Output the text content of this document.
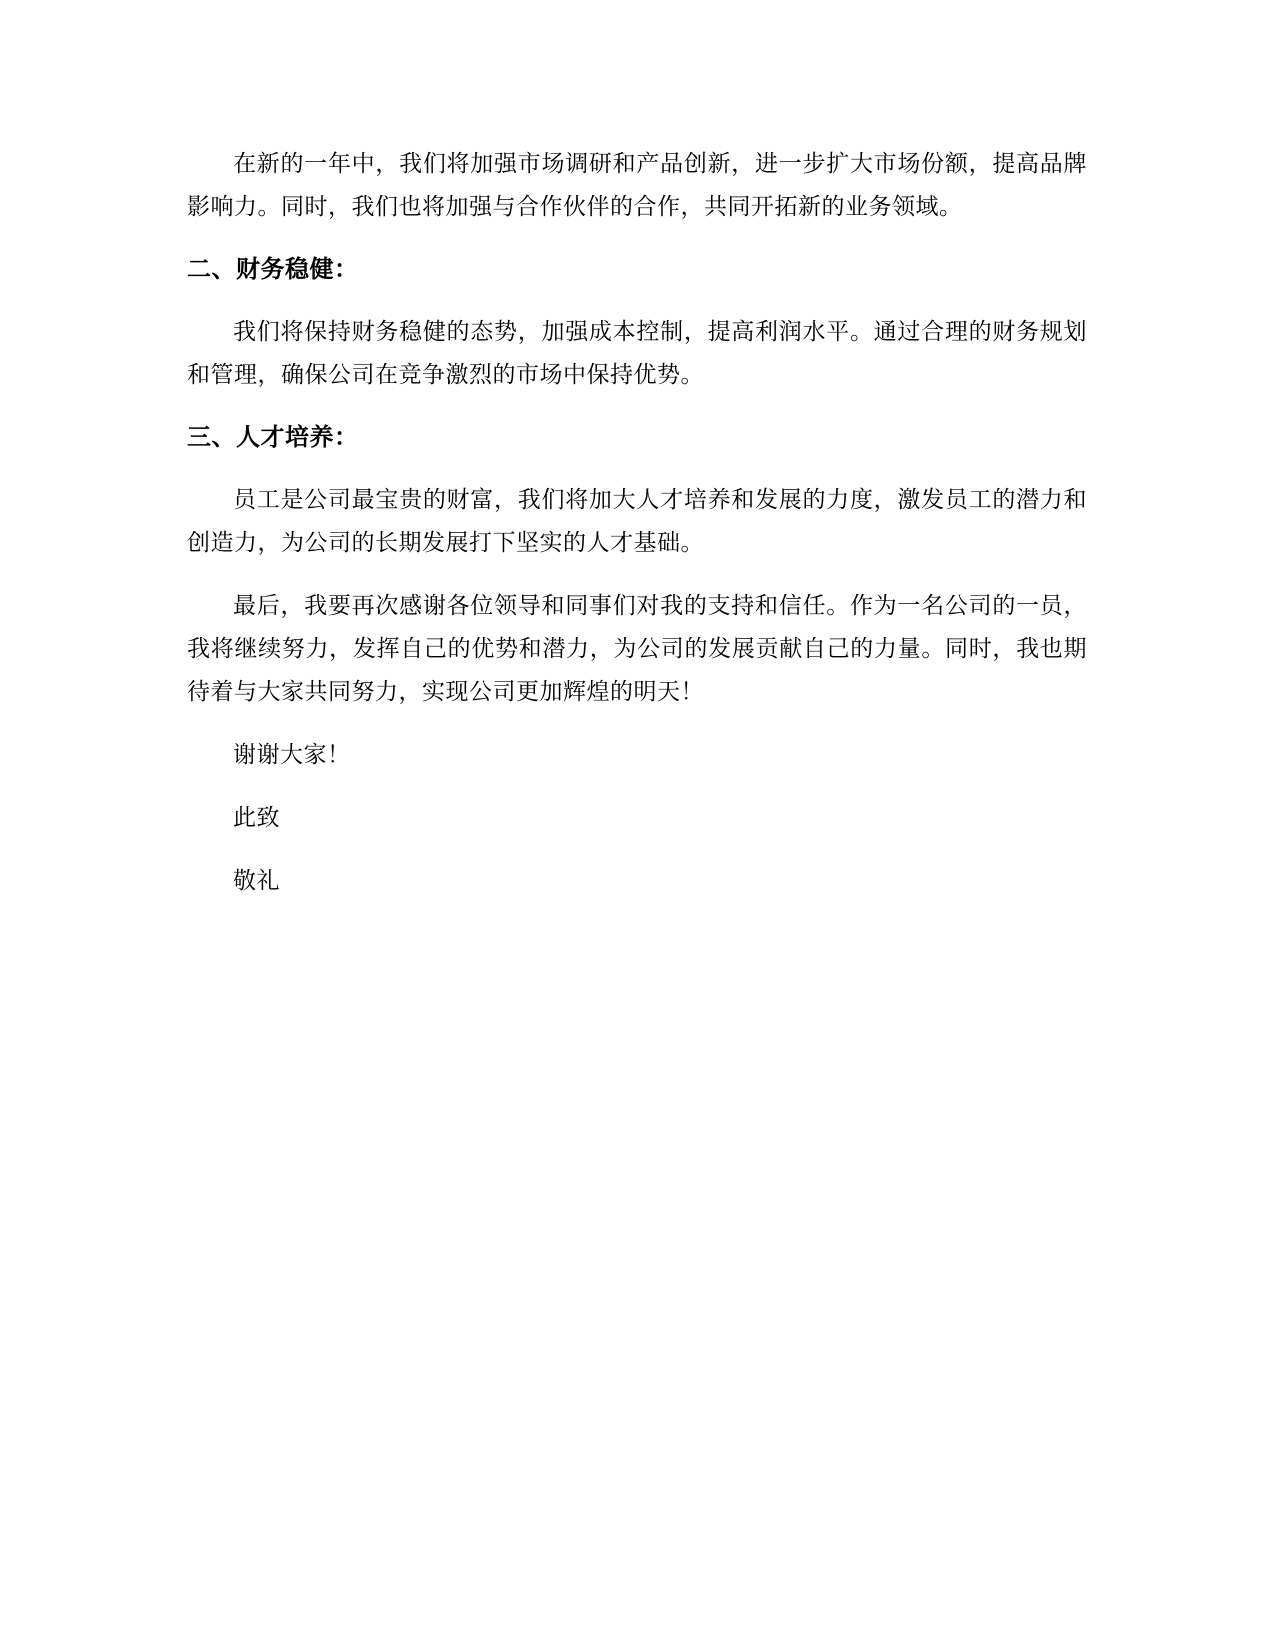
在新的一年中，我们将加强市场调研和产品创新，进一步扩大市场份额，提高品牌影响力。同时，我们也将加强与合作伙伴的合作，共同开拓新的业务领域。

二、财务稳健：

我们将保持财务稳健的态势，加强成本控制，提高利润水平。通过合理的财务规划和管理，确保公司在竞争激烈的市场中保持优势。

三、人才培养：

员工是公司最宝贵的财富，我们将加大人才培养和发展的力度，激发员工的潜力和创造力，为公司的长期发展打下坚实的人才基础。

最后，我要再次感谢各位领导和同事们对我的支持和信任。作为一名公司的一员，我将继续努力，发挥自己的优势和潜力，为公司的发展贡献自己的力量。同时，我也期待着与大家共同努力，实现公司更加辉煌的明天！

谢谢大家！

此致

敬礼
